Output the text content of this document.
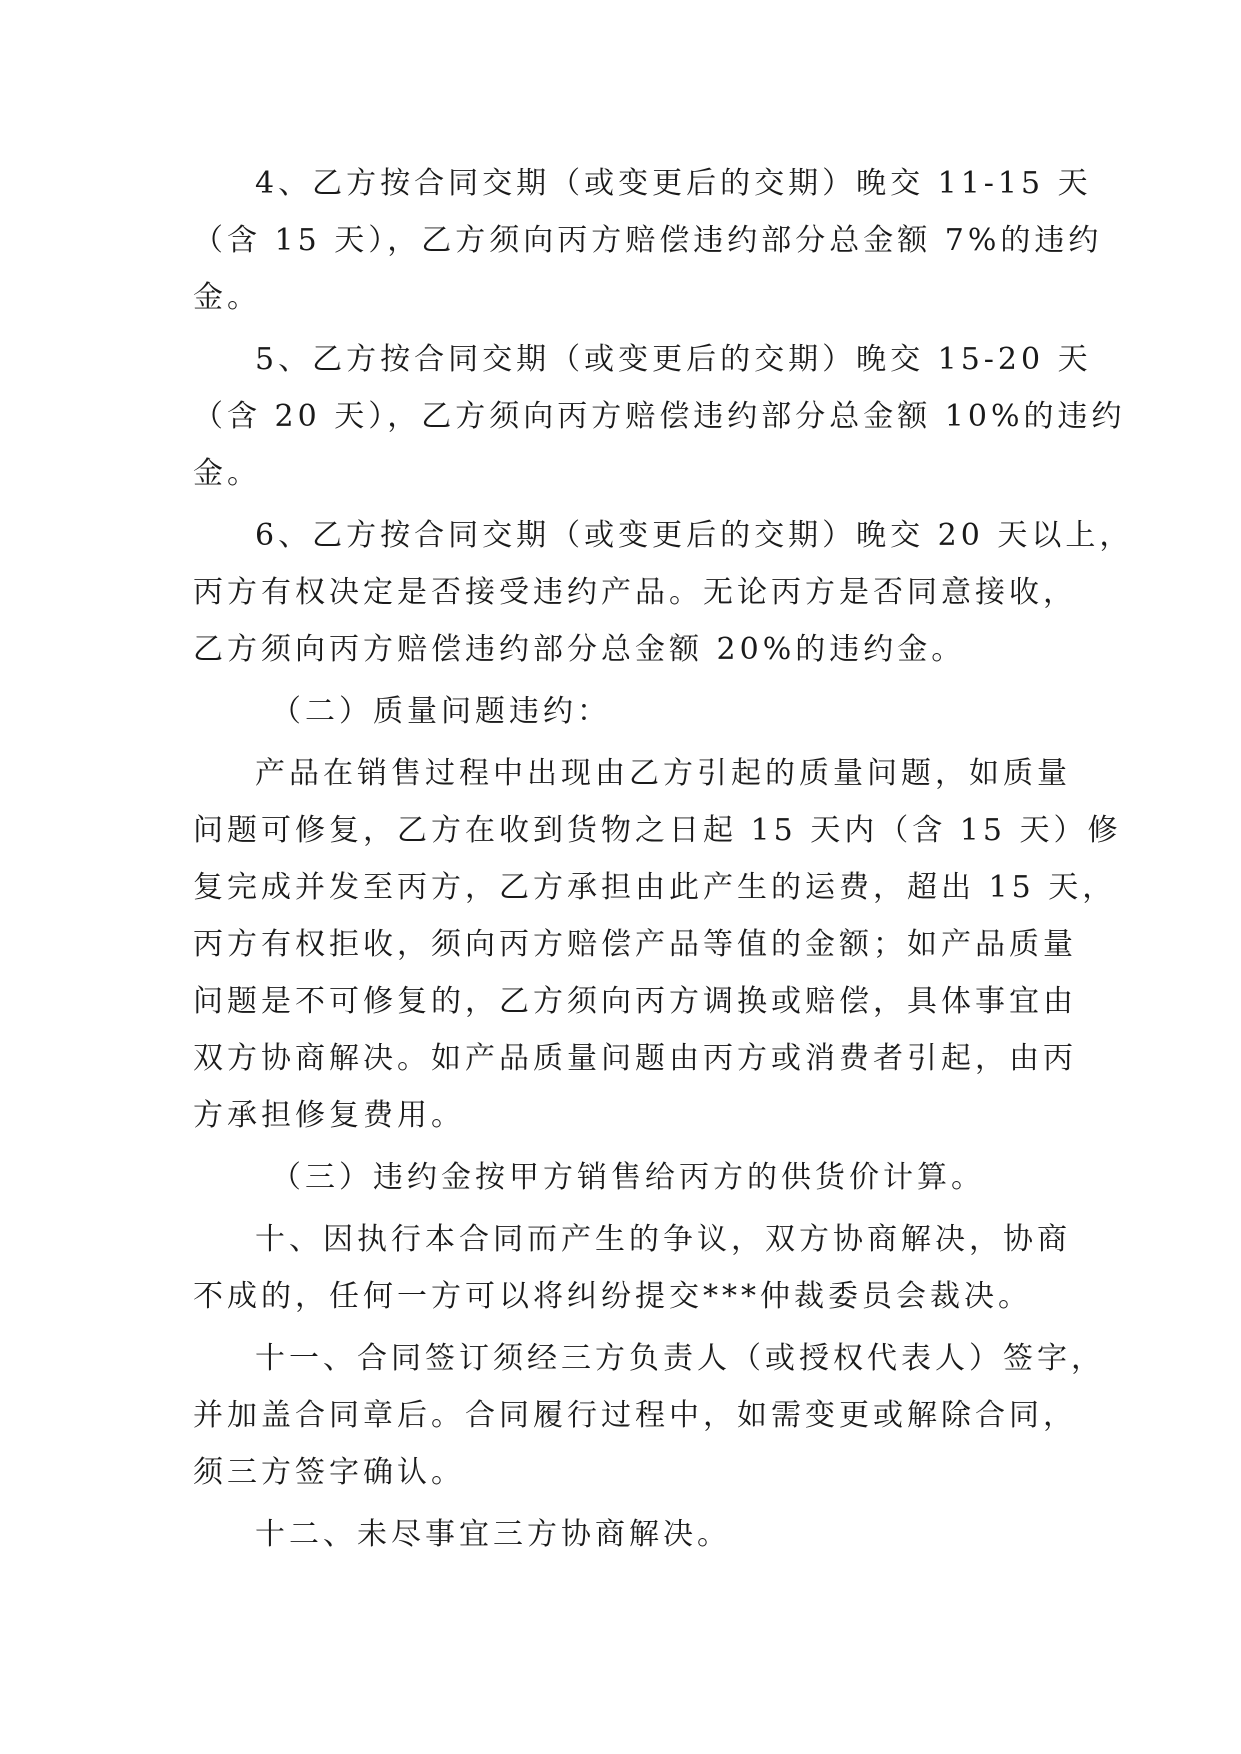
4、乙方按合同交期（或变更后的交期）晚交 11-15 天
（含 15 天），乙方须向丙方赔偿违约部分总金额 7%的违约
金。
5、乙方按合同交期（或变更后的交期）晚交 15-20 天
（含 20 天），乙方须向丙方赔偿违约部分总金额 10%的违约
金。
6、乙方按合同交期（或变更后的交期）晚交 20 天以上，
丙方有权决定是否接受违约产品。无论丙方是否同意接收，
乙方须向丙方赔偿违约部分总金额 20%的违约金。
（二）质量问题违约：
产品在销售过程中出现由乙方引起的质量问题，如质量
问题可修复，乙方在收到货物之日起 15 天内（含 15 天）修
复完成并发至丙方，乙方承担由此产生的运费，超出 15 天，
丙方有权拒收，须向丙方赔偿产品等值的金额；如产品质量
问题是不可修复的，乙方须向丙方调换或赔偿，具体事宜由
双方协商解决。如产品质量问题由丙方或消费者引起，由丙
方承担修复费用。
（三）违约金按甲方销售给丙方的供货价计算。
十、因执行本合同而产生的争议，双方协商解决，协商
不成的，任何一方可以将纠纷提交***仲裁委员会裁决。
十一、合同签订须经三方负责人（或授权代表人）签字，
并加盖合同章后。合同履行过程中，如需变更或解除合同，
须三方签字确认。
十二、未尽事宜三方协商解决。
